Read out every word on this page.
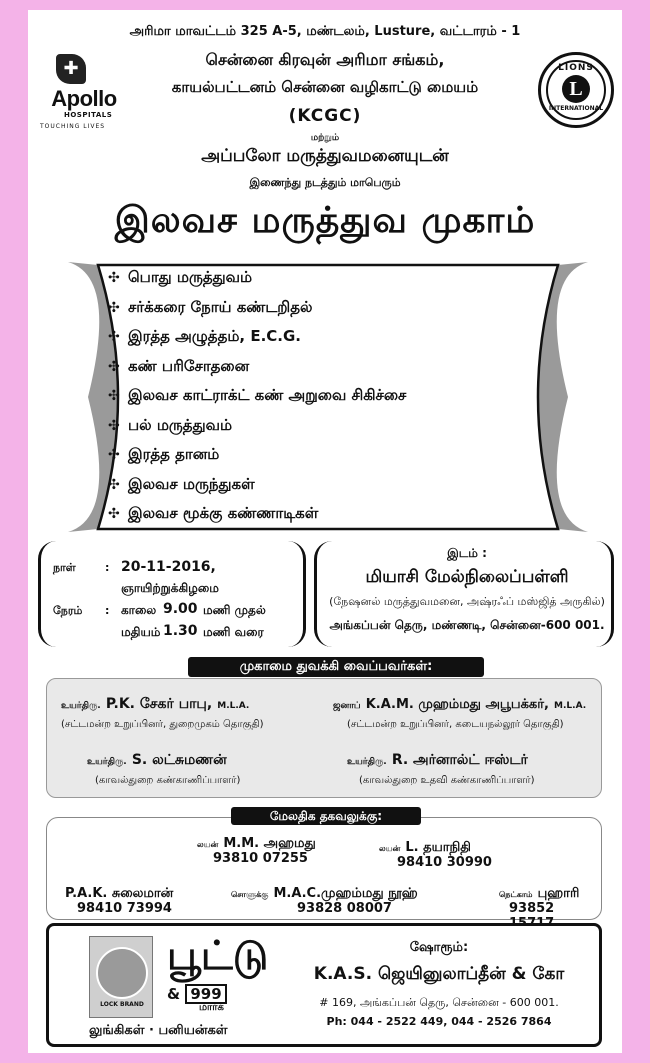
அரிமா மாவட்டம் 325 A-5, மண்டலம், Lusture, வட்டாரம் - 1
✚
Apollo
HOSPITALS
TOUCHING LIVES
சென்னை கிரவுன் அரிமா சங்கம்,
காயல்பட்டனம் சென்னை வழிகாட்டு மையம்
(KCGC)
LIONS
L
INTERNATIONAL
மற்றும்
அப்பலோ மருத்துவமனையுடன்
இணைந்து நடத்தும் மாபெரும்
இலவச மருத்துவ முகாம்
✣ பொது மருத்துவம்
✣ சர்க்கரை நோய் கண்டறிதல்
✣ இரத்த அழுத்தம், E.C.G.
✣ கண் பரிசோதனை
✣ இலவச காட்ராக்ட் கண் அறுவை சிகிச்சை
✣ பல் மருத்துவம்
✣ இரத்த தானம்
✣ இலவச மருந்துகள்
✣ இலவச மூக்கு கண்ணாடிகள்
நாள்	: 20-11-2016,
ஞாயிற்றுக்கிழமை
நேரம் : காலை 9.00 மணி முதல்
மதியம் 1.30 மணி வரை
இடம் :
மியாசி மேல்நிலைப்பள்ளி
(நேஷனல் மருத்துவமனை, அஷ்ரஃப் மஸ்ஜித் அருகில்)
அங்கப்பன் தெரு, மண்ணடி, சென்னை-600 001.
உயர்திரு. P.K. சேகர் பாபு, M.L.A.
(சட்டமன்ற உறுப்பினர், துறைமுகம் தொகுதி)
ஜனாப் K.A.M. முஹம்மது அபூபக்கர், M.L.A.
(சட்டமன்ற உறுப்பினர், கடையநல்லூர் தொகுதி)
உயர்திரு. S. லட்சுமணன்
(காவல்துறை கண்காணிப்பாளர்)
உயர்திரு. R. அர்னால்ட் ஈஸ்டர்
(காவல்துறை உதவி கண்காணிப்பாளர்)
முகாமை துவக்கி வைப்பவர்கள்:
லயன் M.M. அஹமது
93810 07255
லயன் L. தயாநிதி
98410 30990
P.A.K. சுலைமான்
98410 73994
சொளுக்கு M.A.C.முஹம்மது நூஹ்
93828 08007
நெட்காம் புஹாரி
93852
மேலதிக தகவலுக்கு:
LOCK BRAND
பூட்டு
& 999
மார்க்
லுங்கிகள் · பனியன்கள்
ஷோரூம்:
K.A.S. ஜெயினுலாப்தீன் & கோ
# 169, அங்கப்பன் தெரு, சென்னை - 600 001.
Ph: 044 - 2522 449, 044 - 2526 7864
